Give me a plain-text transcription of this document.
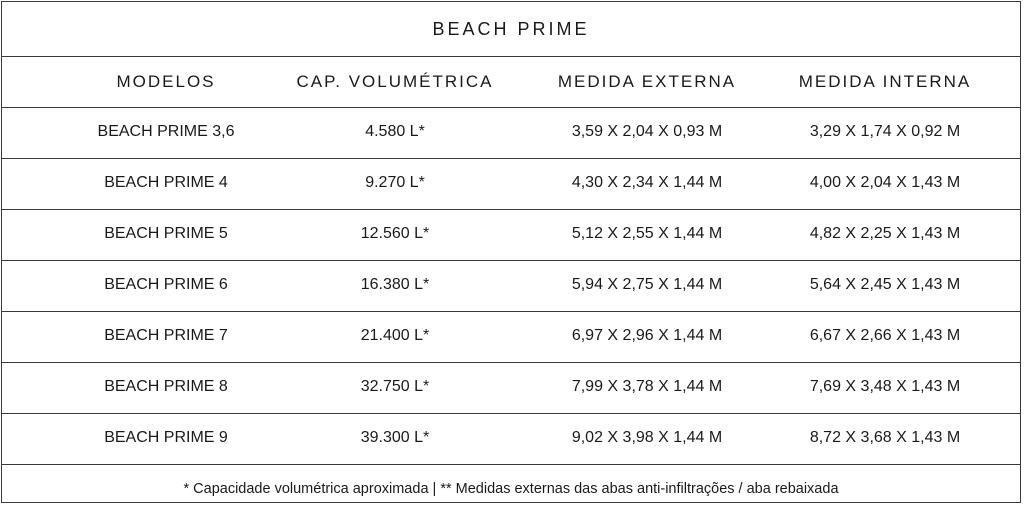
BEACH PRIME
MODELOS	CAP. VOLUMÉTRICA	MEDIDA EXTERNA	MEDIDA INTERNA
BEACH PRIME 3,6	4.580 L*	3,59 X 2,04 X 0,93 M	3,29 X 1,74 X 0,92 M
BEACH PRIME 4	9.270 L*	4,30 X 2,34 X 1,44 M	4,00 X 2,04 X 1,43 M
BEACH PRIME 5	12.560 L*	5,12 X 2,55 X 1,44 M	4,82 X 2,25 X 1,43 M
BEACH PRIME 6	16.380 L*	5,94 X 2,75 X 1,44 M	5,64 X 2,45 X 1,43 M
BEACH PRIME 7	21.400 L*	6,97 X 2,96 X 1,44 M	6,67 X 2,66 X 1,43 M
BEACH PRIME 8	32.750 L*	7,99 X 3,78 X 1,44 M	7,69 X 3,48 X 1,43 M
BEACH PRIME 9	39.300 L*	9,02 X 3,98 X 1,44 M	8,72 X 3,68 X 1,43 M
* Capacidade volumétrica aproximada | ** Medidas externas das abas anti-infiltrações / aba rebaixada
